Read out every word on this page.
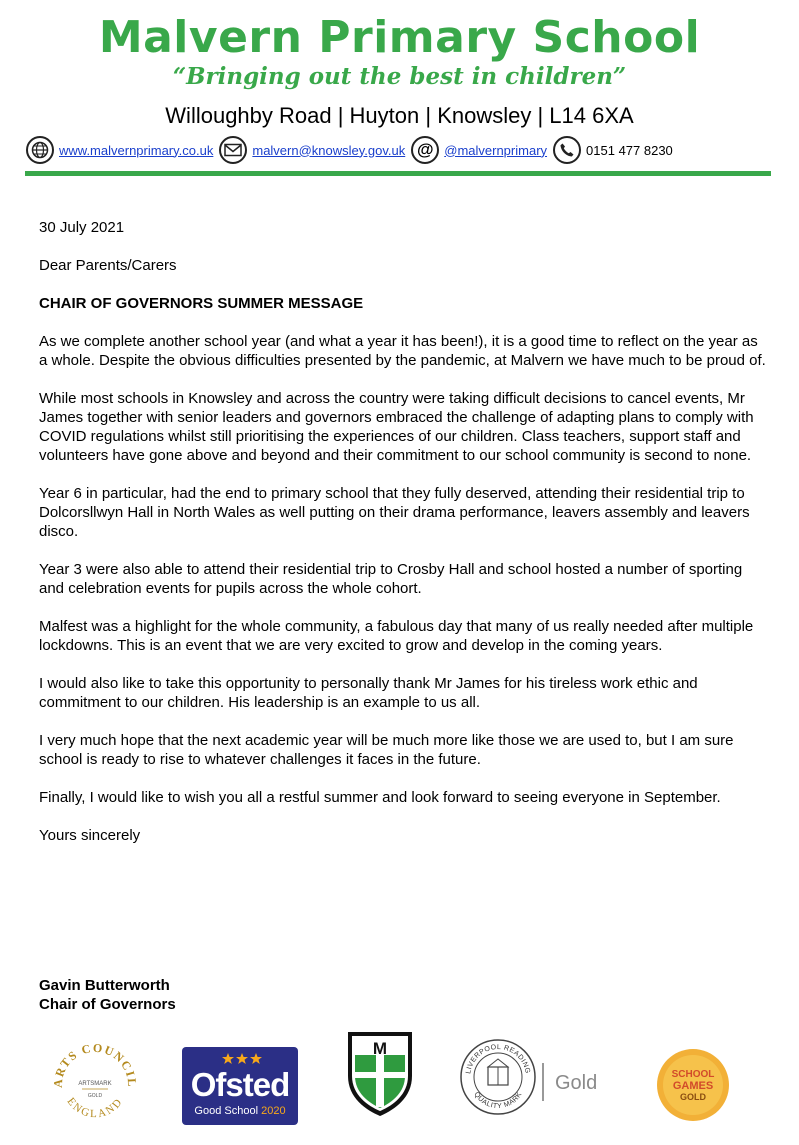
Malvern Primary School
“Bringing out the best in children”
Willoughby Road | Huyton | Knowsley | L14 6XA
www.malvernprimary.co.uk	malvern@knowsley.gov.uk @ @malvernprimary	0151 477 8230

30 July 2021

Dear Parents/Carers

CHAIR OF GOVERNORS SUMMER MESSAGE

As we complete another school year (and what a year it has been!), it is a good time to reflect on the year as a whole. Despite the obvious difficulties presented by the pandemic, at Malvern we have much to be proud of.

While most schools in Knowsley and across the country were taking difficult decisions to cancel events, Mr James together with senior leaders and governors embraced the challenge of adapting plans to comply with COVID regulations whilst still prioritising the experiences of our children. Class teachers, support staff and volunteers have gone above and beyond and their commitment to our school community is second to none.

Year 6 in particular, had the end to primary school that they fully deserved, attending their residential trip to Dolcorsllwyn Hall in North Wales as well putting on their drama performance, leavers assembly and leavers disco.

Year 3 were also able to attend their residential trip to Crosby Hall and school hosted a number of sporting and celebration events for pupils across the whole cohort.

Malfest was a highlight for the whole community, a fabulous day that many of us really needed after multiple lockdowns. This is an event that we are very excited to grow and develop in the coming years.

I would also like to take this opportunity to personally thank Mr James for his tireless work ethic and commitment to our children. His leadership is an example to us all.

I very much hope that the next academic year will be much more like those we are used to, but I am sure school is ready to rise to whatever challenges it faces in the future.

Finally, I would like to wish you all a restful summer and look forward to seeing everyone in September.

Yours sincerely

Gavin Butterworth
Chair of Governors
ARTS COUNCIL
ENGLAND
ARTSMARK
GOLD	Ofsted
Good School 2020
M
LIVERPOOL READING
QUALITY MARK
Gold	SCHOOL
GAMES
GOLD
